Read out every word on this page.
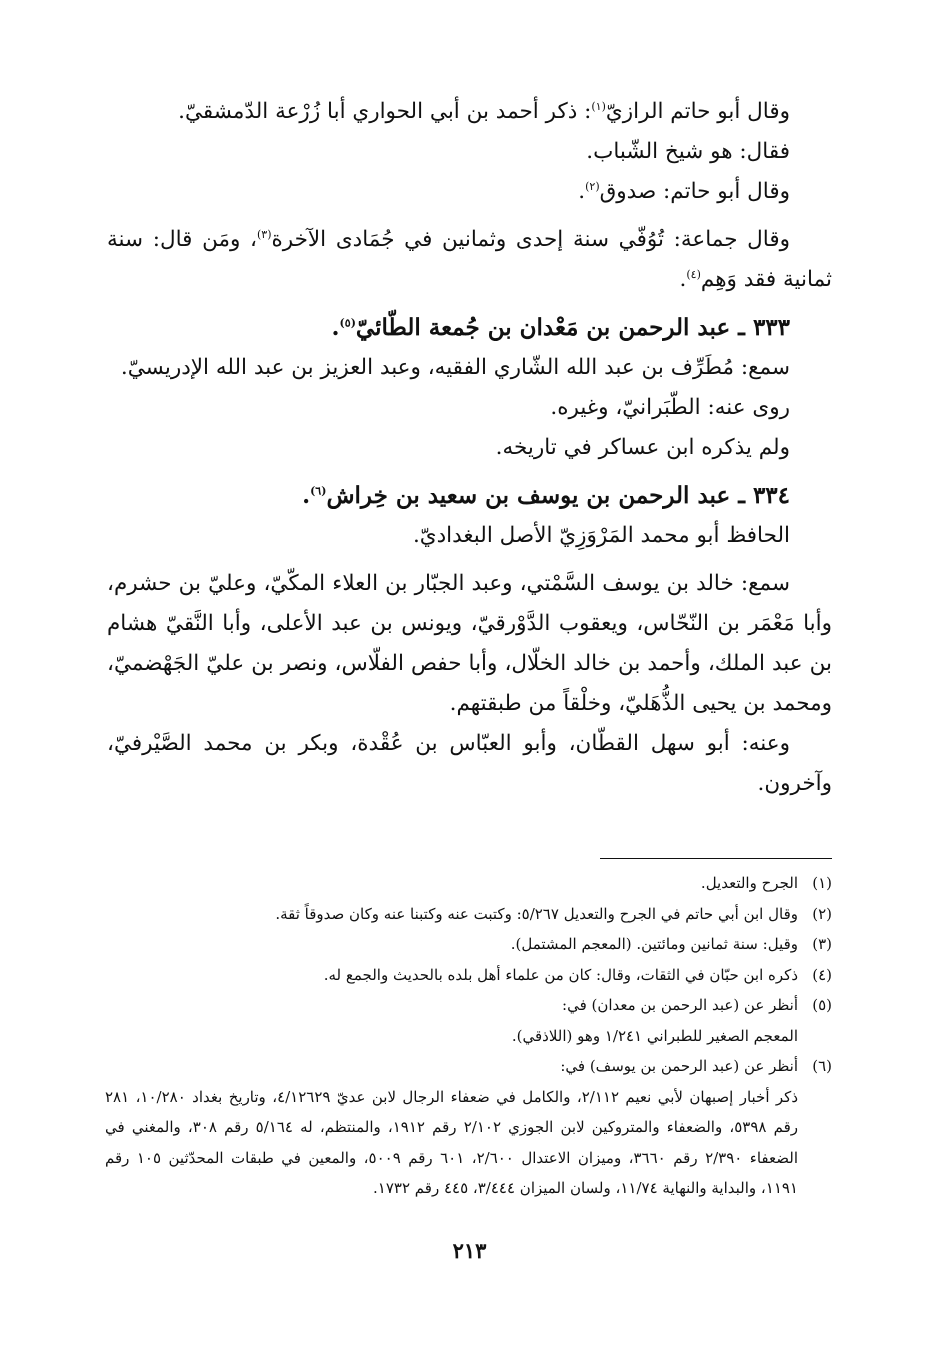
وقال أبو حاتم الرازيّ$^{(١)}$: ذكر أحمد بن أبي الحواري أبا زُرْعة الدّمشقيّ.

فقال: هو شيخ الشّباب.

وقال أبو حاتم: صدوق$^{(٢)}$.

وقال جماعة: تُوُفّي سنة إحدى وثمانين في جُمَادى الآخرة$^{(٣)}$، ومَن قال: سنة ثمانية فقد وَهِم$^{(٤)}$.

٣٣٣ ـ عبد الرحمن بن مَعْدان بن جُمعة الطّائيّ$^{(٥)}$.

سمع: مُطَرِّف بن عبد الله الشّاري الفقيه، وعبد العزيز بن عبد الله الإدريسيّ.

روى عنه: الطّبَرانيّ، وغيره.

ولم يذكره ابن عساكر في تاريخه.

٣٣٤ ـ عبد الرحمن بن يوسف بن سعيد بن خِراش$^{(٦)}$.

الحافظ أبو محمد المَرْوَزِيّ الأصل البغداديّ.

سمع: خالد بن يوسف السَّمْتي، وعبد الجبّار بن العلاء المكّيّ، وعليّ بن حشرم، وأبا مَعْمَر بن النّحّاس، ويعقوب الدَّوْرقيّ، ويونس بن عبد الأعلى، وأبا النَّقيّ هشام بن عبد الملك، وأحمد بن خالد الخلّال، وأبا حفص الفلّاس، ونصر بن عليّ الجَهْضميّ، ومحمد بن يحيى الذُّهَليّ، وخلْقاً من طبقتهم.

وعنه: أبو سهل القطّان، وأبو العبّاس بن عُقْدة، وبكر بن محمد الصَّيْرفيّ، وآخرون.

(١)
الجرح والتعديل.
(٢)
وقال ابن أبي حاتم في الجرح والتعديل ٥/٢٦٧: وكتبت عنه وكتبنا عنه وكان صدوقاً ثقة.
(٣)
وقيل: سنة ثمانين ومائتين. (المعجم المشتمل).
(٤)
ذكره ابن حبّان في الثقات، وقال: كان من علماء أهل بلده بالحديث والجمع له.
(٥)
أنظر عن (عبد الرحمن بن معدان) في:
المعجم الصغير للطبراني ١/٢٤١ وهو (اللاذقي).
(٦)
أنظر عن (عبد الرحمن بن يوسف) في:
ذكر أخبار إصبهان لأبي نعيم ٢/١١٢، والكامل في ضعفاء الرجال لابن عديّ ٤/١٢٦٢٩، وتاريخ بغداد ١٠/٢٨٠، ٢٨١ رقم ٥٣٩٨، والضعفاء والمتروكين لابن الجوزي ٢/١٠٢ رقم ١٩١٢، والمنتظم، له ٥/١٦٤ رقم ٣٠٨، والمغني في الضعفاء ٢/٣٩٠ رقم ٣٦٦٠، وميزان الاعتدال ٢/٦٠٠، ٦٠١ رقم ٥٠٠٩، والمعين في طبقات المحدّثين ١٠٥ رقم ١١٩١، والبداية والنهاية ١١/٧٤، ولسان الميزان ٣/٤٤٤، ٤٤٥ رقم ١٧٣٢.
٢١٣
